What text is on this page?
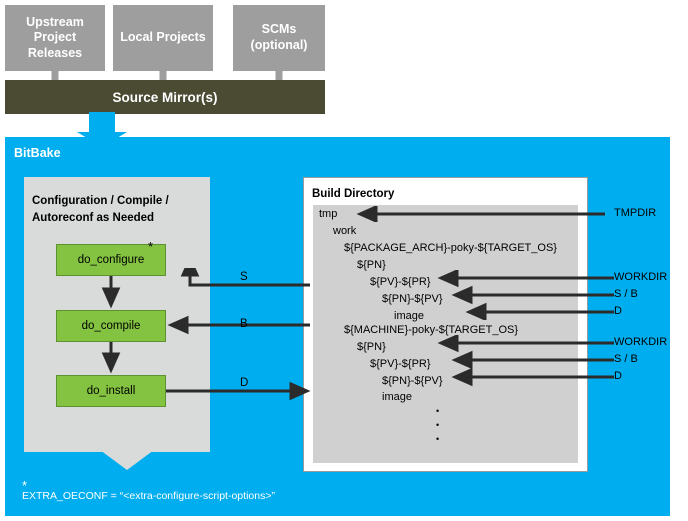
Upstream Project Releases
Local Projects
SCMs (optional)
Source Mirror(s)
BitBake
Configuration / Compile /
Autoreconf as Needed
do_configure
*
do_compile
do_install
Build Directory
tmp
work
${PACKAGE_ARCH}-poky-${TARGET_OS}
${PN}
${PV}-${PR}
${PN}-${PV}
image
${MACHINE}-poky-${TARGET_OS}
${PN}
${PV}-${PR}
${PN}-${PV}
image
•
•
•
S
B
D
TMPDIR
WORKDIR
S / B
D
WORKDIR
S / B
D
*
EXTRA_OECONF = “<extra-configure-script-options>”
